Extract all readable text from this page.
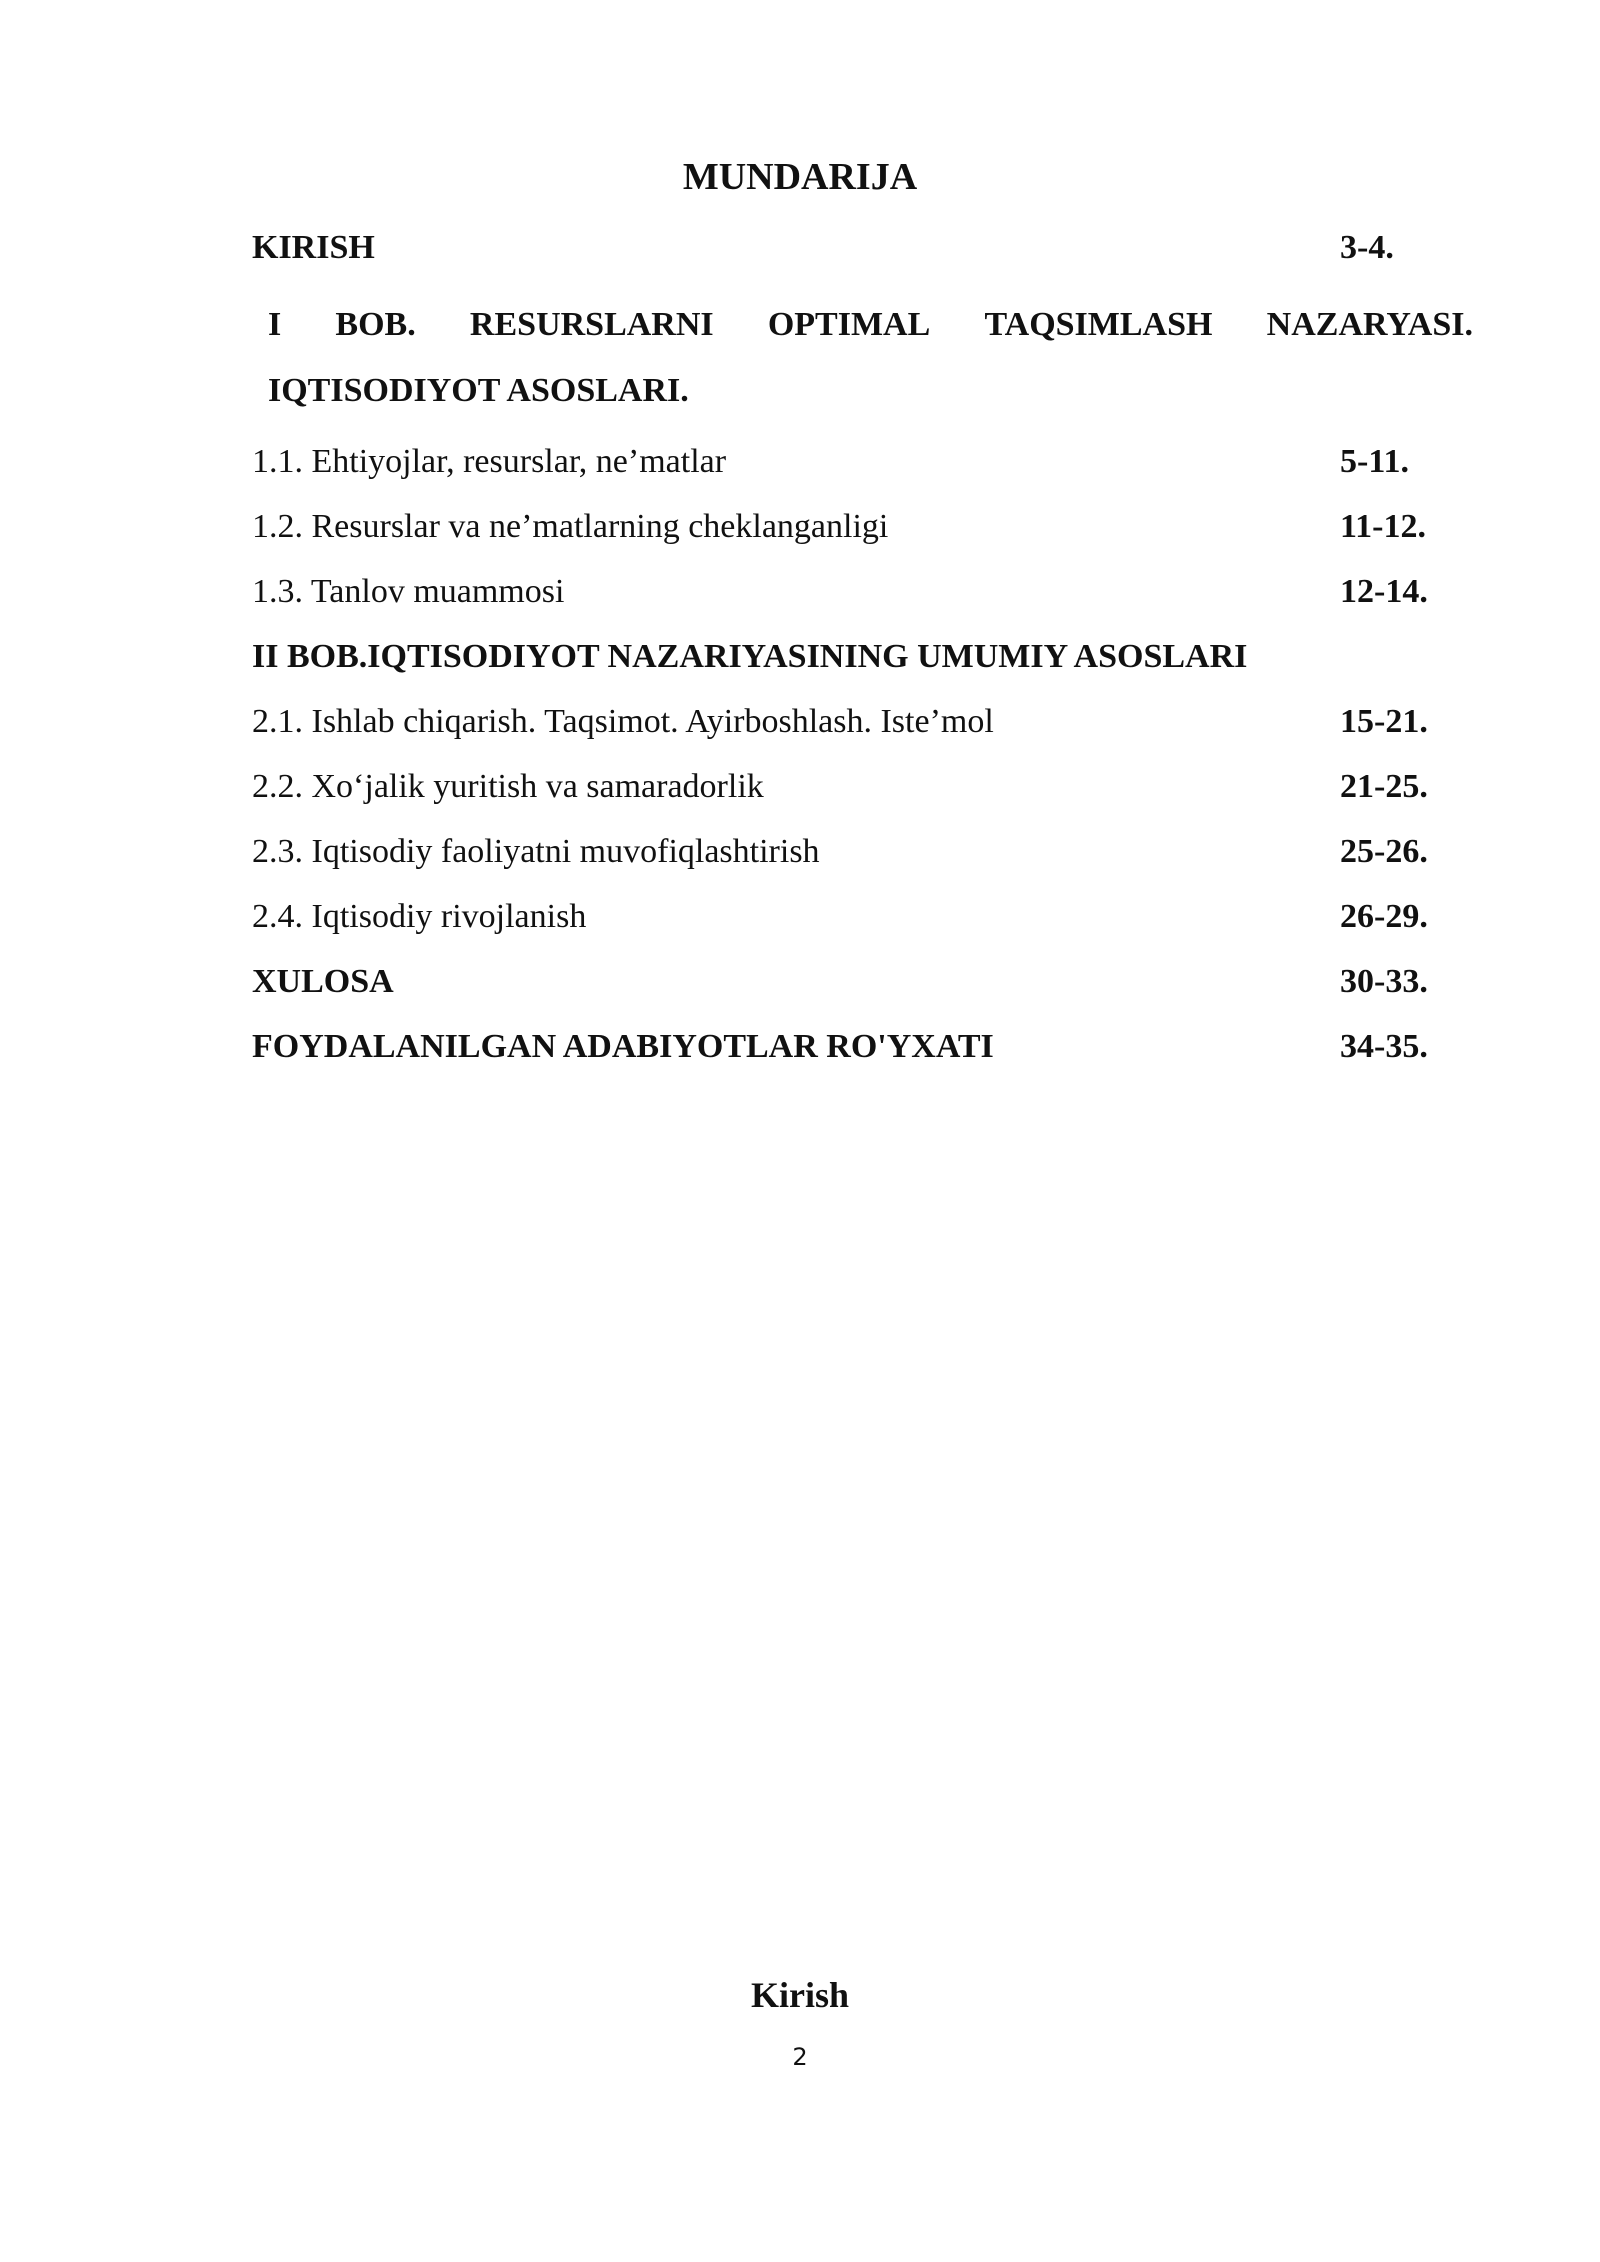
MUNDARIJA
KIRISH	3-4.
I BOB. RESURSLARNI OPTIMAL TAQSIMLASH NAZARYASI.
IQTISODIYOT ASOSLARI.
1.1. Ehtiyojlar, resurslar, ne’matlar	5-11.
1.2. Resurslar va ne’matlarning cheklanganligi	11-12.
1.3. Tanlov muammosi	12-14.
II BOB.IQTISODIYOT NAZARIYASINING UMUMIY ASOSLARI
2.1. Ishlab chiqarish. Taqsimot. Ayirboshlash. Iste’mol	15-21.
2.2. Xo‘jalik yuritish va samaradorlik	21-25.
2.3. Iqtisodiy faoliyatni muvofiqlashtirish	25-26.
2.4. Iqtisodiy rivojlanish	26-29.
XULOSA	30-33.
FOYDALANILGAN ADABIYOTLAR RO'YXATI	34-35.
Kirish
2
